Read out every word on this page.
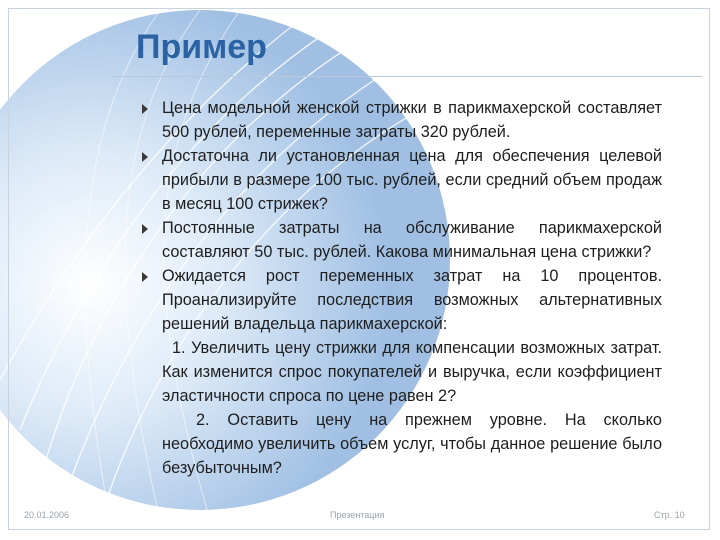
Пример
Цена модельной женской стрижки в парикмахерской составляет 500 рублей, переменные затраты 320 рублей.
Достаточна ли установленная цена для обеспечения целевой прибыли в размере 100 тыс. рублей, если средний объем продаж в месяц 100 стрижек?
Постоянные затраты на обслуживание парикмахерской составляют 50 тыс. рублей. Какова минимальная цена стрижки?
Ожидается рост переменных затрат на 10 процентов. Проанализируйте последствия возможных альтернативных решений владельца парикмахерской:
1. Увеличить цену стрижки для компенсации возможных затрат. Как изменится спрос покупателей и выручка, если коэффициент эластичности спроса по цене равен 2?
2. Оставить цену на прежнем уровне. На сколько необходимо увеличить объем услуг, чтобы данное решение было безубыточным?
20.01.2006	Презентация	Стр. 10
